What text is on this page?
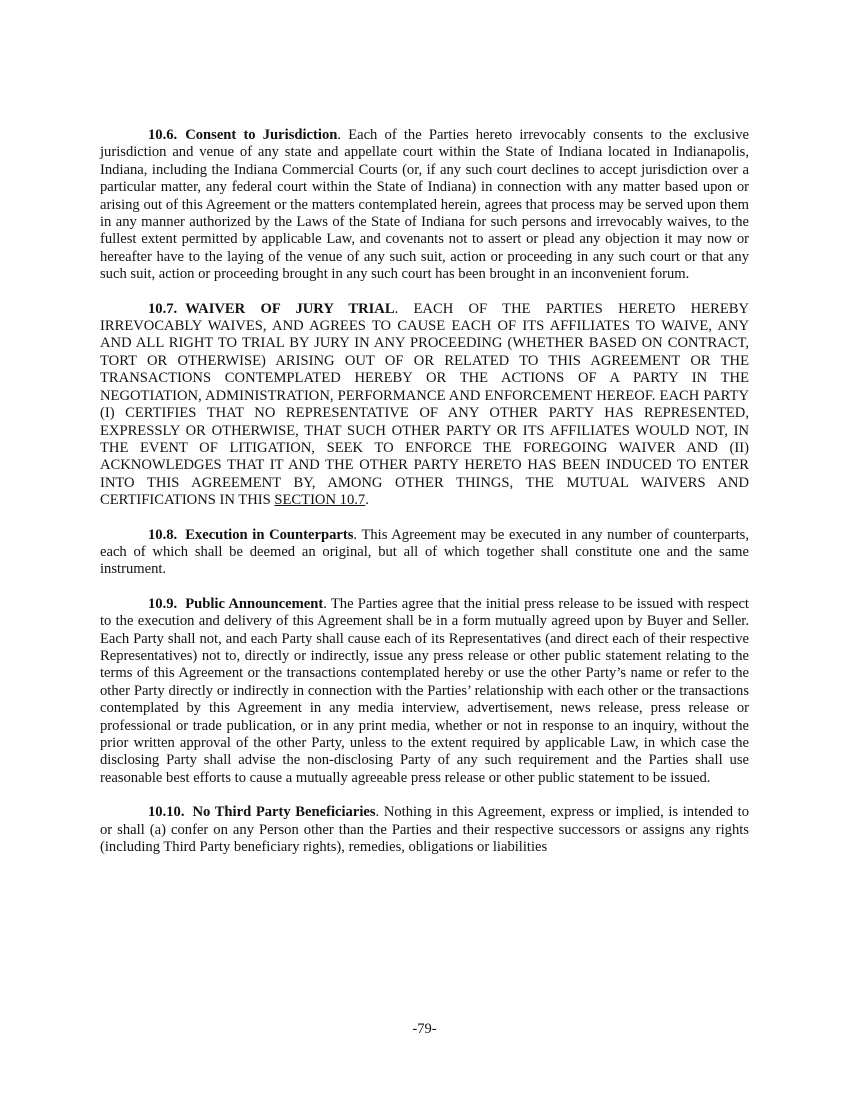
10.6. Consent to Jurisdiction. Each of the Parties hereto irrevocably consents to the exclusive jurisdiction and venue of any state and appellate court within the State of Indiana located in Indianapolis, Indiana, including the Indiana Commercial Courts (or, if any such court declines to accept jurisdiction over a particular matter, any federal court within the State of Indiana) in connection with any matter based upon or arising out of this Agreement or the matters contemplated herein, agrees that process may be served upon them in any manner authorized by the Laws of the State of Indiana for such persons and irrevocably waives, to the fullest extent permitted by applicable Law, and covenants not to assert or plead any objection it may now or hereafter have to the laying of the venue of any such suit, action or proceeding in any such court or that any such suit, action or proceeding brought in any such court has been brought in an inconvenient forum.

10.7. WAIVER OF JURY TRIAL. EACH OF THE PARTIES HERETO HEREBY IRREVOCABLY WAIVES, AND AGREES TO CAUSE EACH OF ITS AFFILIATES TO WAIVE, ANY AND ALL RIGHT TO TRIAL BY JURY IN ANY PROCEEDING (WHETHER BASED ON CONTRACT, TORT OR OTHERWISE) ARISING OUT OF OR RELATED TO THIS AGREEMENT OR THE TRANSACTIONS CONTEMPLATED HEREBY OR THE ACTIONS OF A PARTY IN THE NEGOTIATION, ADMINISTRATION, PERFORMANCE AND ENFORCEMENT HEREOF. EACH PARTY (I) CERTIFIES THAT NO REPRESENTATIVE OF ANY OTHER PARTY HAS REPRESENTED, EXPRESSLY OR OTHERWISE, THAT SUCH OTHER PARTY OR ITS AFFILIATES WOULD NOT, IN THE EVENT OF LITIGATION, SEEK TO ENFORCE THE FOREGOING WAIVER AND (II) ACKNOWLEDGES THAT IT AND THE OTHER PARTY HERETO HAS BEEN INDUCED TO ENTER INTO THIS AGREEMENT BY, AMONG OTHER THINGS, THE MUTUAL WAIVERS AND CERTIFICATIONS IN THIS SECTION 10.7.

10.8. Execution in Counterparts. This Agreement may be executed in any number of counterparts, each of which shall be deemed an original, but all of which together shall constitute one and the same instrument.

10.9. Public Announcement. The Parties agree that the initial press release to be issued with respect to the execution and delivery of this Agreement shall be in a form mutually agreed upon by Buyer and Seller. Each Party shall not, and each Party shall cause each of its Representatives (and direct each of their respective Representatives) not to, directly or indirectly, issue any press release or other public statement relating to the terms of this Agreement or the transactions contemplated hereby or use the other Party’s name or refer to the other Party directly or indirectly in connection with the Parties’ relationship with each other or the transactions contemplated by this Agreement in any media interview, advertisement, news release, press release or professional or trade publication, or in any print media, whether or not in response to an inquiry, without the prior written approval of the other Party, unless to the extent required by applicable Law, in which case the disclosing Party shall advise the non-disclosing Party of any such requirement and the Parties shall use reasonable best efforts to cause a mutually agreeable press release or other public statement to be issued.

10.10. No Third Party Beneficiaries. Nothing in this Agreement, express or implied, is intended to or shall (a) confer on any Person other than the Parties and their respective successors or assigns any rights (including Third Party beneficiary rights), remedies, obligations or liabilities

-79-
